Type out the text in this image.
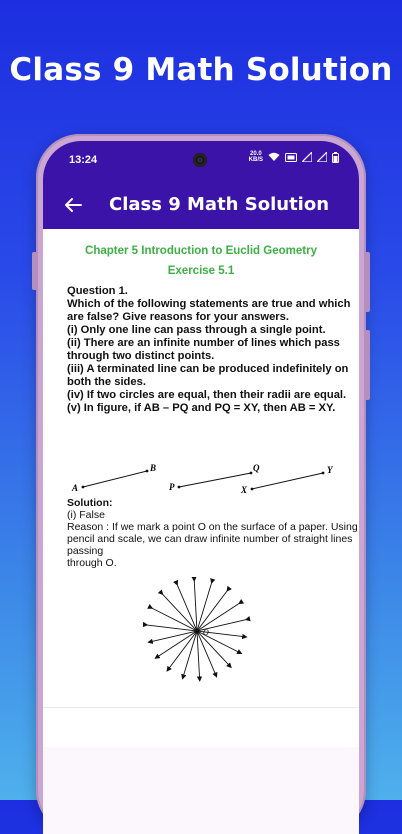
Class 9 Math Solution
13:24	20.0
KB/S
Class 9 Math Solution
Chapter 5 Introduction to Euclid Geometry
Exercise 5.1

Question 1.

Which of the following statements are true and which are false? Give reasons for your answers.

(i) Only one line can pass through a single point.

(ii) There are an infinite number of lines which pass through two distinct points.

(iii) A terminated line can be produced indefinitely on both the sides.

(iv) If two circles are equal, then their radii are equal.

(v) In figure, if AB – PQ and PQ = XY, then AB = XY.

A
B
P
Q
X
Y

Solution:

(i) False

Reason : If we mark a point O on the surface of a paper. Using pencil and scale, we can draw infinite number of straight lines passing

through O.

O
